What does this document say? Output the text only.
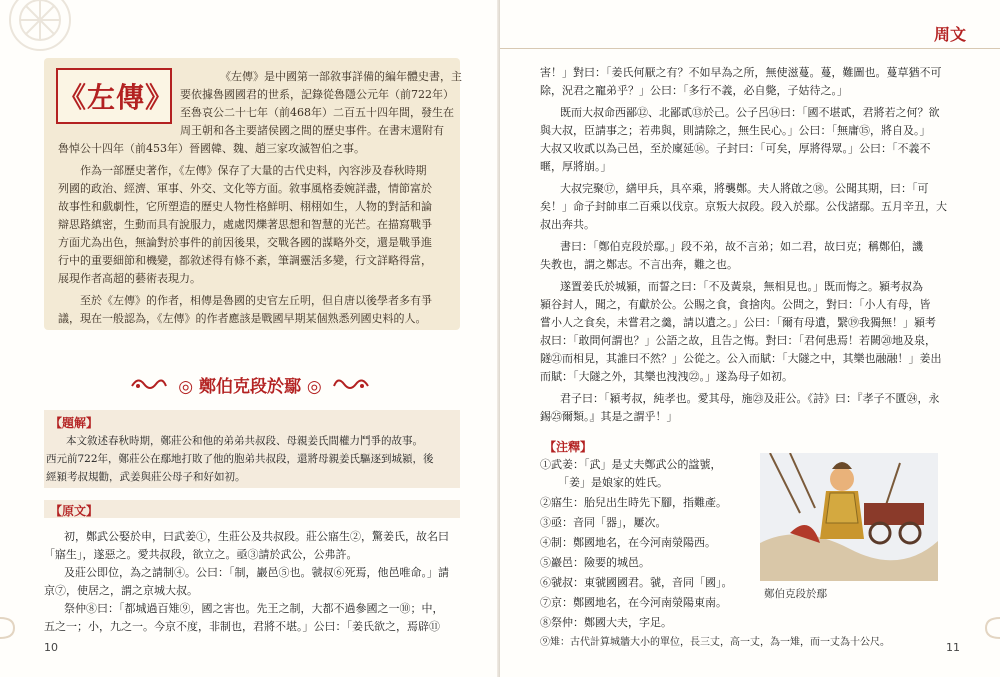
《左傳》
《左傳》是中國第一部敘事詳備的編年體史書，主
要依據魯國國君的世系，記錄從魯隱公元年（前722年）
至魯哀公二十七年（前468年）二百五十四年間，發生在
周王朝和各主要諸侯國之間的歷史事件。在書末還附有
魯悼公十四年（前453年）晉國韓、魏、趙三家攻滅智伯之事。
作為一部歷史著作，《左傳》保存了大量的古代史料，內容涉及春秋時期
列國的政治、經濟、軍事、外交、文化等方面。敘事風格委婉詳盡，情節富於
故事性和戲劇性，它所塑造的歷史人物性格鮮明、栩栩如生，人物的對話和論
辯思路縝密，生動而具有說服力，處處閃爍著思想和智慧的光芒。在描寫戰爭
方面尤為出色，無論對於事件的前因後果，交戰各國的謀略外交，還是戰爭進
行中的重要細節和機變，都敘述得有條不紊，筆調靈活多變，行文詳略得當，
展現作者高超的藝術表現力。
至於《左傳》的作者，相傳是魯國的史官左丘明，但自唐以後學者多有爭
議，現在一般認為，《左傳》的作者應該是戰國早期某個熟悉列國史料的人。
◎ 鄭伯克段於鄢 ◎
【題解】
本文敘述春秋時期，鄭莊公和他的弟弟共叔段、母親姜氏間權力鬥爭的故事。
西元前722年，鄭莊公在鄢地打敗了他的胞弟共叔段，還將母親姜氏驅逐到城潁，後
經潁考叔規勸，武姜與莊公母子和好如初。
【原文】
初，鄭武公娶於申，曰武姜①，生莊公及共叔段。莊公寤生②，驚姜氏，故名曰
「寤生」，遂惡之。愛共叔段，欲立之。亟③請於武公，公弗許。
及莊公即位，為之請制④。公曰：「制，巖邑⑤也。虢叔⑥死焉，他邑唯命。」請
京⑦，使居之，謂之京城大叔。
祭仲⑧曰：「都城過百雉⑨，國之害也。先王之制，大都不過參國之一⑩；中，
五之一；小，九之一。今京不度，非制也，君將不堪。」公曰：「姜氏欲之，焉辟⑪
10
周文
害！」對曰：「姜氏何厭之有？不如早為之所，無使滋蔓。蔓，難圖也。蔓草猶不可
除，況君之寵弟乎？」公曰：「多行不義，必自斃，子姑待之。」
既而大叔命西鄙⑫、北鄙貳⑬於己。公子呂⑭曰：「國不堪貳，君將若之何？欲
與大叔，臣請事之；若弗與，則請除之，無生民心。」公曰：「無庸⑮，將自及。」
大叔又收貳以為己邑，至於廩延⑯。子封曰：「可矣，厚將得眾。」公曰：「不義不
暱，厚將崩。」
大叔完聚⑰，繕甲兵，具卒乘，將襲鄭。夫人將啟之⑱。公聞其期，曰：「可
矣！」命子封帥車二百乘以伐京。京叛大叔段。段入於鄢。公伐諸鄢。五月辛丑，大
叔出奔共。
書曰：「鄭伯克段於鄢。」段不弟，故不言弟；如二君，故曰克；稱鄭伯，譏
失教也，謂之鄭志。不言出奔，難之也。
遂置姜氏於城潁，而誓之曰：「不及黃泉，無相見也。」既而悔之。潁考叔為
潁谷封人，聞之，有獻於公。公賜之食，食捨肉。公問之，對曰：「小人有母，皆
嘗小人之食矣，未嘗君之羹，請以遺之。」公曰：「爾有母遺，繄⑲我獨無！」潁考
叔曰：「敢問何謂也？」公語之故，且告之悔。對曰：「君何患焉！若闕⑳地及泉，
隧㉑而相見，其誰曰不然？」公從之。公入而賦：「大隧之中，其樂也融融！」姜出
而賦：「大隧之外，其樂也洩洩㉒。」遂為母子如初。
君子曰：「潁考叔，純孝也。愛其母，施㉓及莊公。《詩》曰：『孝子不匱㉔，永
錫㉕爾類。』其是之謂乎！」
【注釋】
①武姜：「武」是丈夫鄭武公的諡號，
「姜」是娘家的姓氏。
②寤生：胎兒出生時先下腳，指難產。
③亟：音同「器」，屢次。
④制：鄭國地名，在今河南滎陽西。
⑤巖邑：險要的城邑。
⑥虢叔：東虢國國君。虢，音同「國」。
⑦京：鄭國地名，在今河南滎陽東南。
⑧祭仲：鄭國大夫，字足。
⑨雉：古代計算城牆大小的單位，長三丈，高一丈，為一雉，而一丈為十公尺。	11
鄭伯克段於鄢
